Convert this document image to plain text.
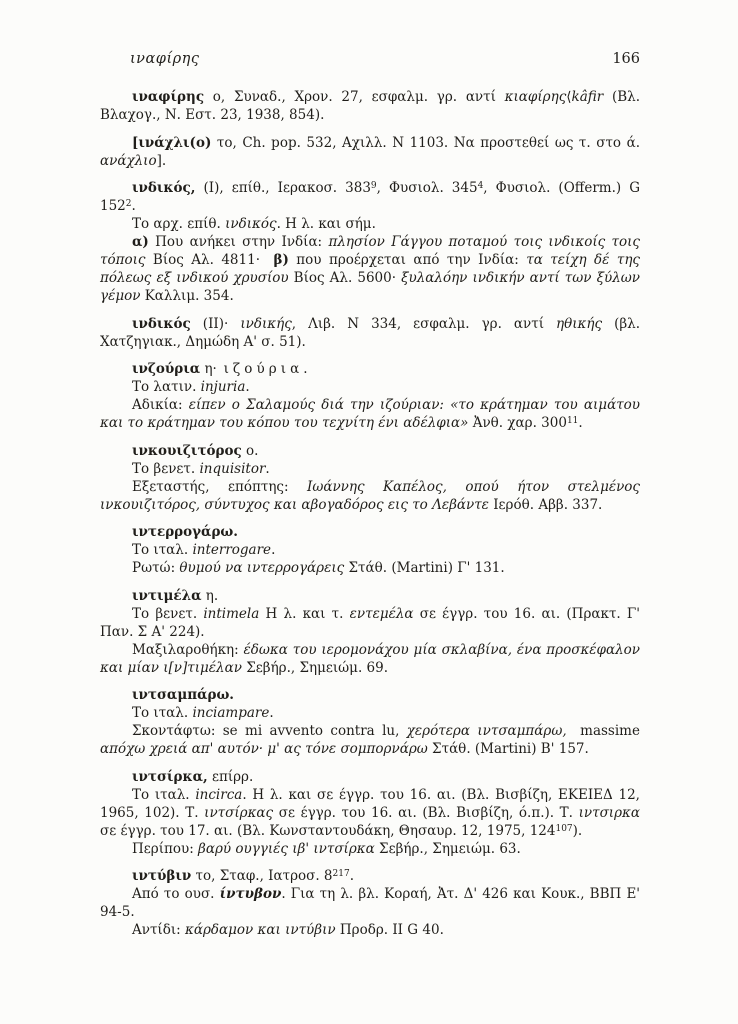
ιναφίρης	166

ιναφίρης ο, Συναδ., Χρον. 27, εσφαλμ. γρ. αντί κιαφίρης⟨kâfir (Βλ. Βλαχογ., Ν. Εστ. 23, 1938, 854).

[ινάχλι(ο) το, Ch. pop. 532, Αχιλλ. N 1103. Να προστεθεί ως τ. στο ά. ανάχλιο].

ινδικός, (Ι), επίθ., Ιερακοσ. $383^9$, Φυσιολ. $345^4$, Φυσιολ. (Offerm.) G $152^2$.

Το αρχ. επίθ. ινδικός. Η λ. και σήμ.

α) Που ανήκει στην Ινδία: πλησίον Γάγγου ποταμού τοις ινδικοίς τοις τόποις Βίος Αλ. 4811· β) που προέρχεται από την Ινδία: τα τείχη δέ της πόλεως εξ ινδικού χρυσίου Βίος Αλ. 5600· ξυλαλόην ινδικήν αντί των ξύλων γέμον Καλλιμ. 354.

ινδικός (ΙΙ)· ινδικής, Λιβ. N 334, εσφαλμ. γρ. αντί ηθικής (βλ. Χατζηγιακ., Δημώδη Α' σ. 51).

ινζούρια η· ιζούρια.

Το λατιν. injuria.

Αδικία: είπεν ο Σαλαμούς διά την ιζούριαν: «το κράτημαν του αιμάτου και το κράτημαν του κόπου του τεχνίτη ένι αδέλφια» Ἀνθ. χαρ. $300^{11}$.

ινκουιζιτόρος ο.

Το βενετ. inquisitor.

Εξεταστής, επόπτης: Ιωάννης Καπέλος, οπού ήτον στελμένος ινκουιζιτόρος, σύντυχος και αβογαδόρος εις το Λεβάντε Ιερόθ. Αββ. 337.

ιντερρογάρω.

Το ιταλ. interrogare.

Ρωτώ: θυμού να ιντερρογάρεις Στάθ. (Martini) Γ' 131.

ιντιμέλα η.

Το βενετ. intimela Η λ. και τ. εντεμέλα σε έγγρ. του 16. αι. (Πρακτ. Γ' Παν. Σ Α' 224).

Μαξιλαροθήκη: έδωκα του ιερομονάχου μία σκλαβίνα, ένα προσκέφαλον και μίαν ι[ν]τιμέλαν Σεβήρ., Σημειώμ. 69.

ιντσαμπάρω.

Το ιταλ. inciampare.

Σκοντάφτω: se mi avvento contra lu, χερότερα ιντσαμπάρω, massime απόχω χρειά απ' αυτόν· μ' ας τόνε σομπορνάρω Στάθ. (Martini) Β' 157.

ιντσίρκα, επίρρ.

Το ιταλ. incirca. Η λ. και σε έγγρ. του 16. αι. (Βλ. Βισβίζη, ΕΚΕΙΕΔ 12, 1965, 102). Τ. ιντσίρκας σε έγγρ. του 16. αι. (Βλ. Βισβίζη, ό.π.). Τ. ιντσιρκα σε έγγρ. του 17. αι. (Βλ. Κωνσταντουδάκη, Θησαυρ. 12, 1975, $124^{107}$).

Περίπου: βαρύ ουγγιές ιβ' ιντσίρκα Σεβήρ., Σημειώμ. 63.

ιντύβιν το, Σταφ., Ιατροσ. $8^{217}$.

Από το ουσ. ίντυβον. Για τη λ. βλ. Κοραή, Ἀτ. Δ' 426 και Κουκ., ΒΒΠ Ε' 94-5.

Αντίδι: κάρδαμον και ιντύβιν Προδρ. II G 40.
